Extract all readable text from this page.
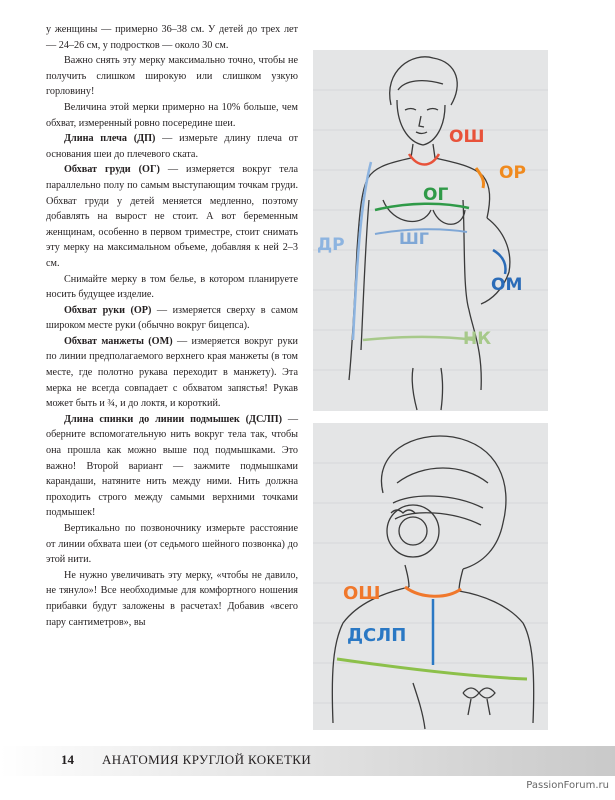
у женщины — примерно 36–38 см. У детей до трех лет — 24–26 см, у подростков — около 30 см.

Важно снять эту мерку максимально точно, чтобы не получить слишком широкую или слишком узкую горловину!

Величина этой мерки примерно на 10% больше, чем обхват, измеренный ровно посередине шеи.

Длина плеча (ДП) — измерьте длину плеча от основания шеи до плечевого ската.

Обхват груди (ОГ) — измеряется вокруг тела параллельно полу по самым выступающим точкам груди. Обхват груди у детей меняется медленно, поэтому добавлять на вырост не стоит. А вот беременным женщинам, особенно в первом триместре, стоит снимать эту мерку на максимальном объеме, добавляя к ней 2–3 см.

Снимайте мерку в том белье, в котором планируете носить будущее изделие.

Обхват руки (ОР) — измеряется сверху в самом широком месте руки (обычно вокруг бицепса).

Обхват манжеты (ОМ) — измеряется вокруг руки по линии предполагаемого верхнего края манжеты (в том месте, где полотно рукава переходит в манжету). Эта мерка не всегда совпадает с обхватом запястья! Рукав может быть и ¾, и до локтя, и короткий.

Длина спинки до линии подмышек (ДСЛП) — оберните вспомогательную нить вокруг тела так, чтобы она прошла как можно выше под подмышками. Это важно! Второй вариант — зажмите подмышками карандаши, натяните нить между ними. Нить должна проходить строго между самыми верхними точками подмышек!

Вертикально по позвоночнику измерьте расстояние от линии обхвата шеи (от седьмого шейного позвонка) до этой нити.

Не нужно увеличивать эту мерку, «чтобы не давило, не тянуло»! Все необходимые для комфортного ношения прибавки будут заложены в расчетах! Добавив «всего пару сантиметров», вы

ОШ
ОР
ОГ
ШГ
ДР
ОМ
НК
ОШ
ДСЛП
14 АНАТОМИЯ КРУГЛОЙ КОКЕТКИ
PassionForum.ru
